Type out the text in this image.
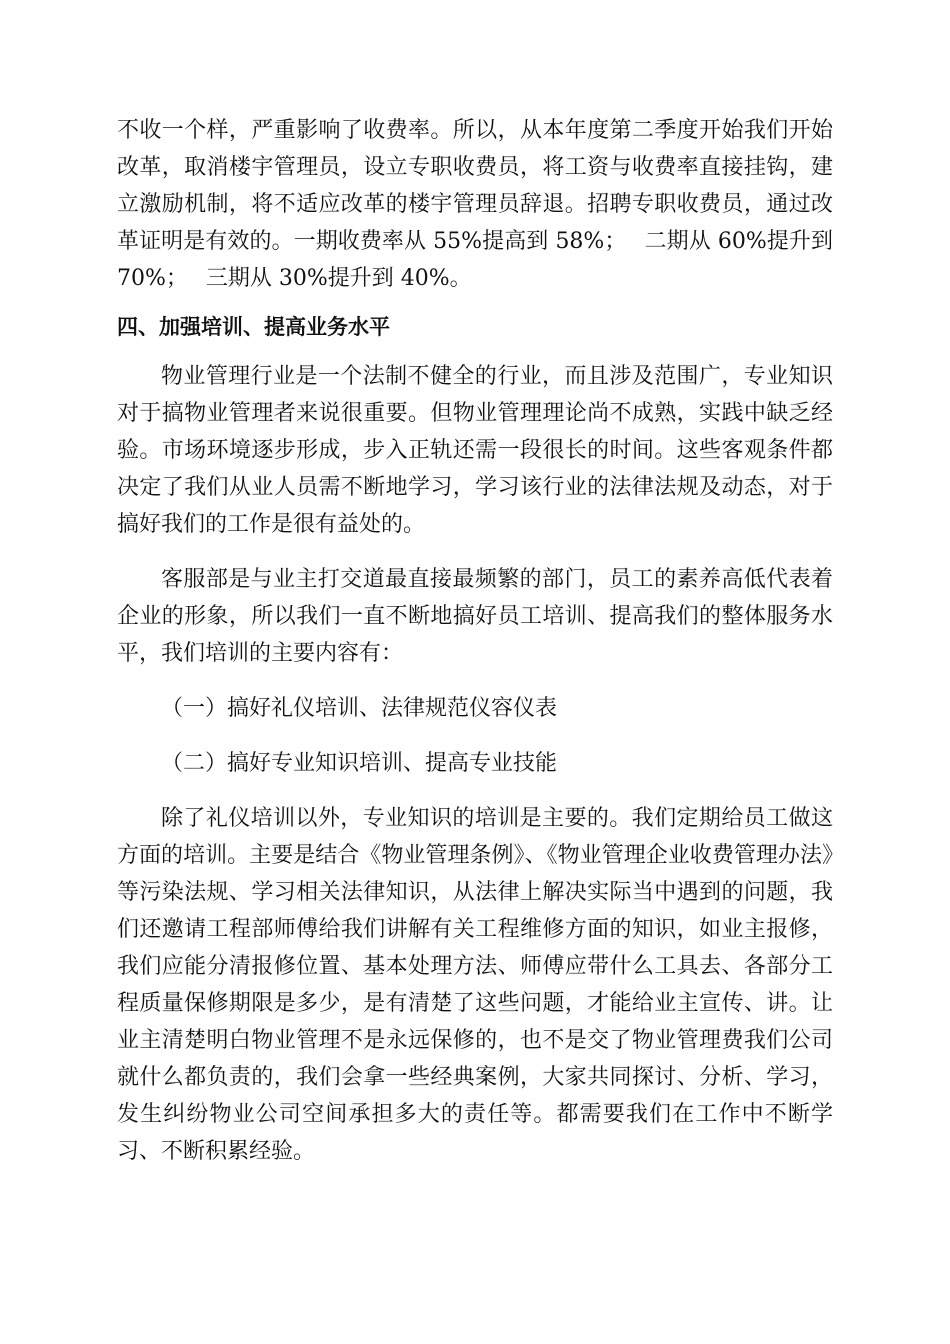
不收一个样，严重影响了收费率。所以，从本年度第二季度开始我们开始改革，取消楼宇管理员，设立专职收费员，将工资与收费率直接挂钩，建立激励机制，将不适应改革的楼宇管理员辞退。招聘专职收费员，通过改革证明是有效的。一期收费率从 55%提高到 58%；　 二期从 60%提升到 70%；　 三期从 30%提升到 40%。

四、加强培训、提高业务水平

物业管理行业是一个法制不健全的行业，而且涉及范围广，专业知识对于搞物业管理者来说很重要。但物业管理理论尚不成熟，实践中缺乏经验。市场环境逐步形成，步入正轨还需一段很长的时间。这些客观条件都决定了我们从业人员需不断地学习，学习该行业的法律法规及动态，对于搞好我们的工作是很有益处的。

客服部是与业主打交道最直接最频繁的部门，员工的素养高低代表着企业的形象，所以我们一直不断地搞好员工培训、提高我们的整体服务水平，我们培训的主要内容有：

（一）搞好礼仪培训、法律规范仪容仪表

（二）搞好专业知识培训、提高专业技能

除了礼仪培训以外，专业知识的培训是主要的。我们定期给员工做这方面的培训。主要是结合《物业管理条例》、《物业管理企业收费管理办法》等污染法规、学习相关法律知识，从法律上解决实际当中遇到的问题，我们还邀请工程部师傅给我们讲解有关工程维修方面的知识，如业主报修，我们应能分清报修位置、基本处理方法、师傅应带什么工具去、各部分工程质量保修期限是多少，是有清楚了这些问题，才能给业主宣传、讲。让业主清楚明白物业管理不是永远保修的，也不是交了物业管理费我们公司就什么都负责的，我们会拿一些经典案例，大家共同探讨、分析、学习，发生纠纷物业公司空间承担多大的责任等。都需要我们在工作中不断学习、不断积累经验。
